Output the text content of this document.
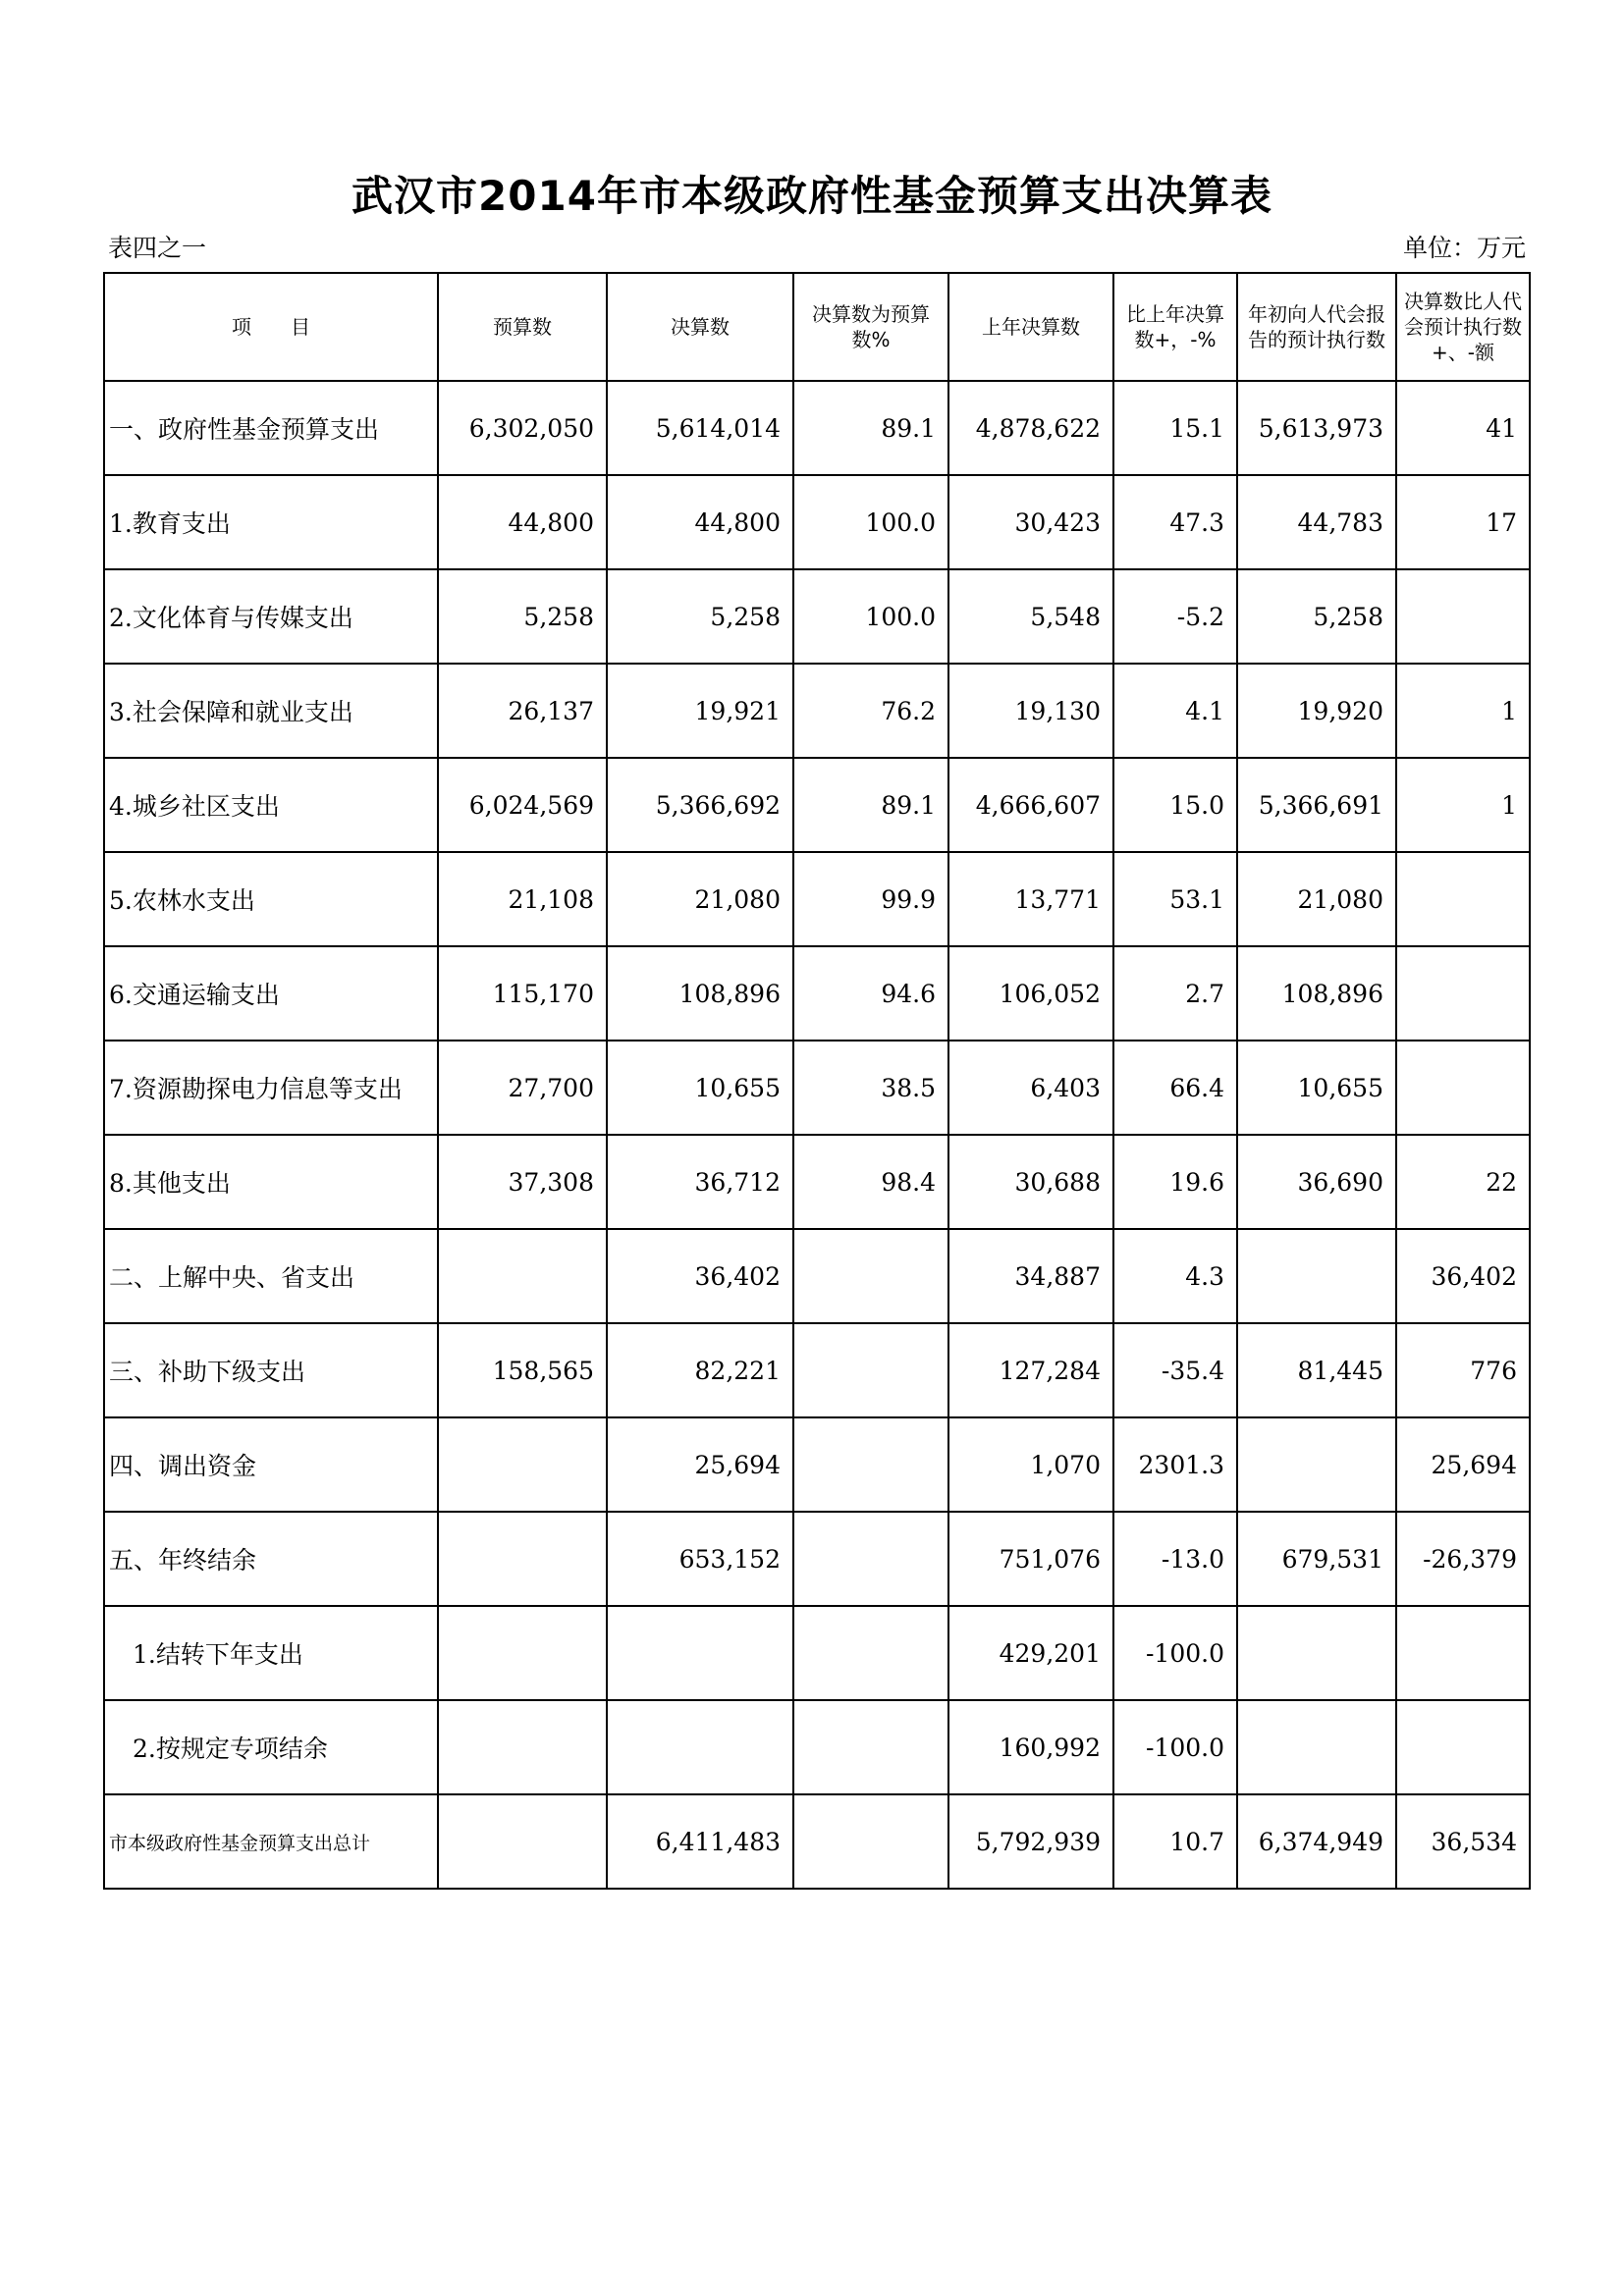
武汉市2014年市本级政府性基金预算支出决算表
表四之一	单位：万元
项　　目	预算数	决算数	决算数为预算数%	上年决算数	比上年决算数+，-%	年初向人代会报告的预计执行数	决算数比人代会预计执行数+、-额
一、政府性基金预算支出	6,302,050	5,614,014	89.1	4,878,622	15.1	5,613,973	41
1.教育支出	44,800	44,800	100.0	30,423	47.3	44,783	17
2.文化体育与传媒支出	5,258	5,258	100.0	5,548	-5.2	5,258	
3.社会保障和就业支出	26,137	19,921	76.2	19,130	4.1	19,920	1
4.城乡社区支出	6,024,569	5,366,692	89.1	4,666,607	15.0	5,366,691	1
5.农林水支出	21,108	21,080	99.9	13,771	53.1	21,080	
6.交通运输支出	115,170	108,896	94.6	106,052	2.7	108,896	
7.资源勘探电力信息等支出	27,700	10,655	38.5	6,403	66.4	10,655	
8.其他支出	37,308	36,712	98.4	30,688	19.6	36,690	22
二、上解中央、省支出		36,402		34,887	4.3		36,402
三、补助下级支出	158,565	82,221		127,284	-35.4	81,445	776
四、调出资金		25,694		1,070	2301.3		25,694
五、年终结余		653,152		751,076	-13.0	679,531	-26,379
1.结转下年支出				429,201	-100.0		
2.按规定专项结余				160,992	-100.0		
市本级政府性基金预算支出总计		6,411,483		5,792,939	10.7	6,374,949	36,534
